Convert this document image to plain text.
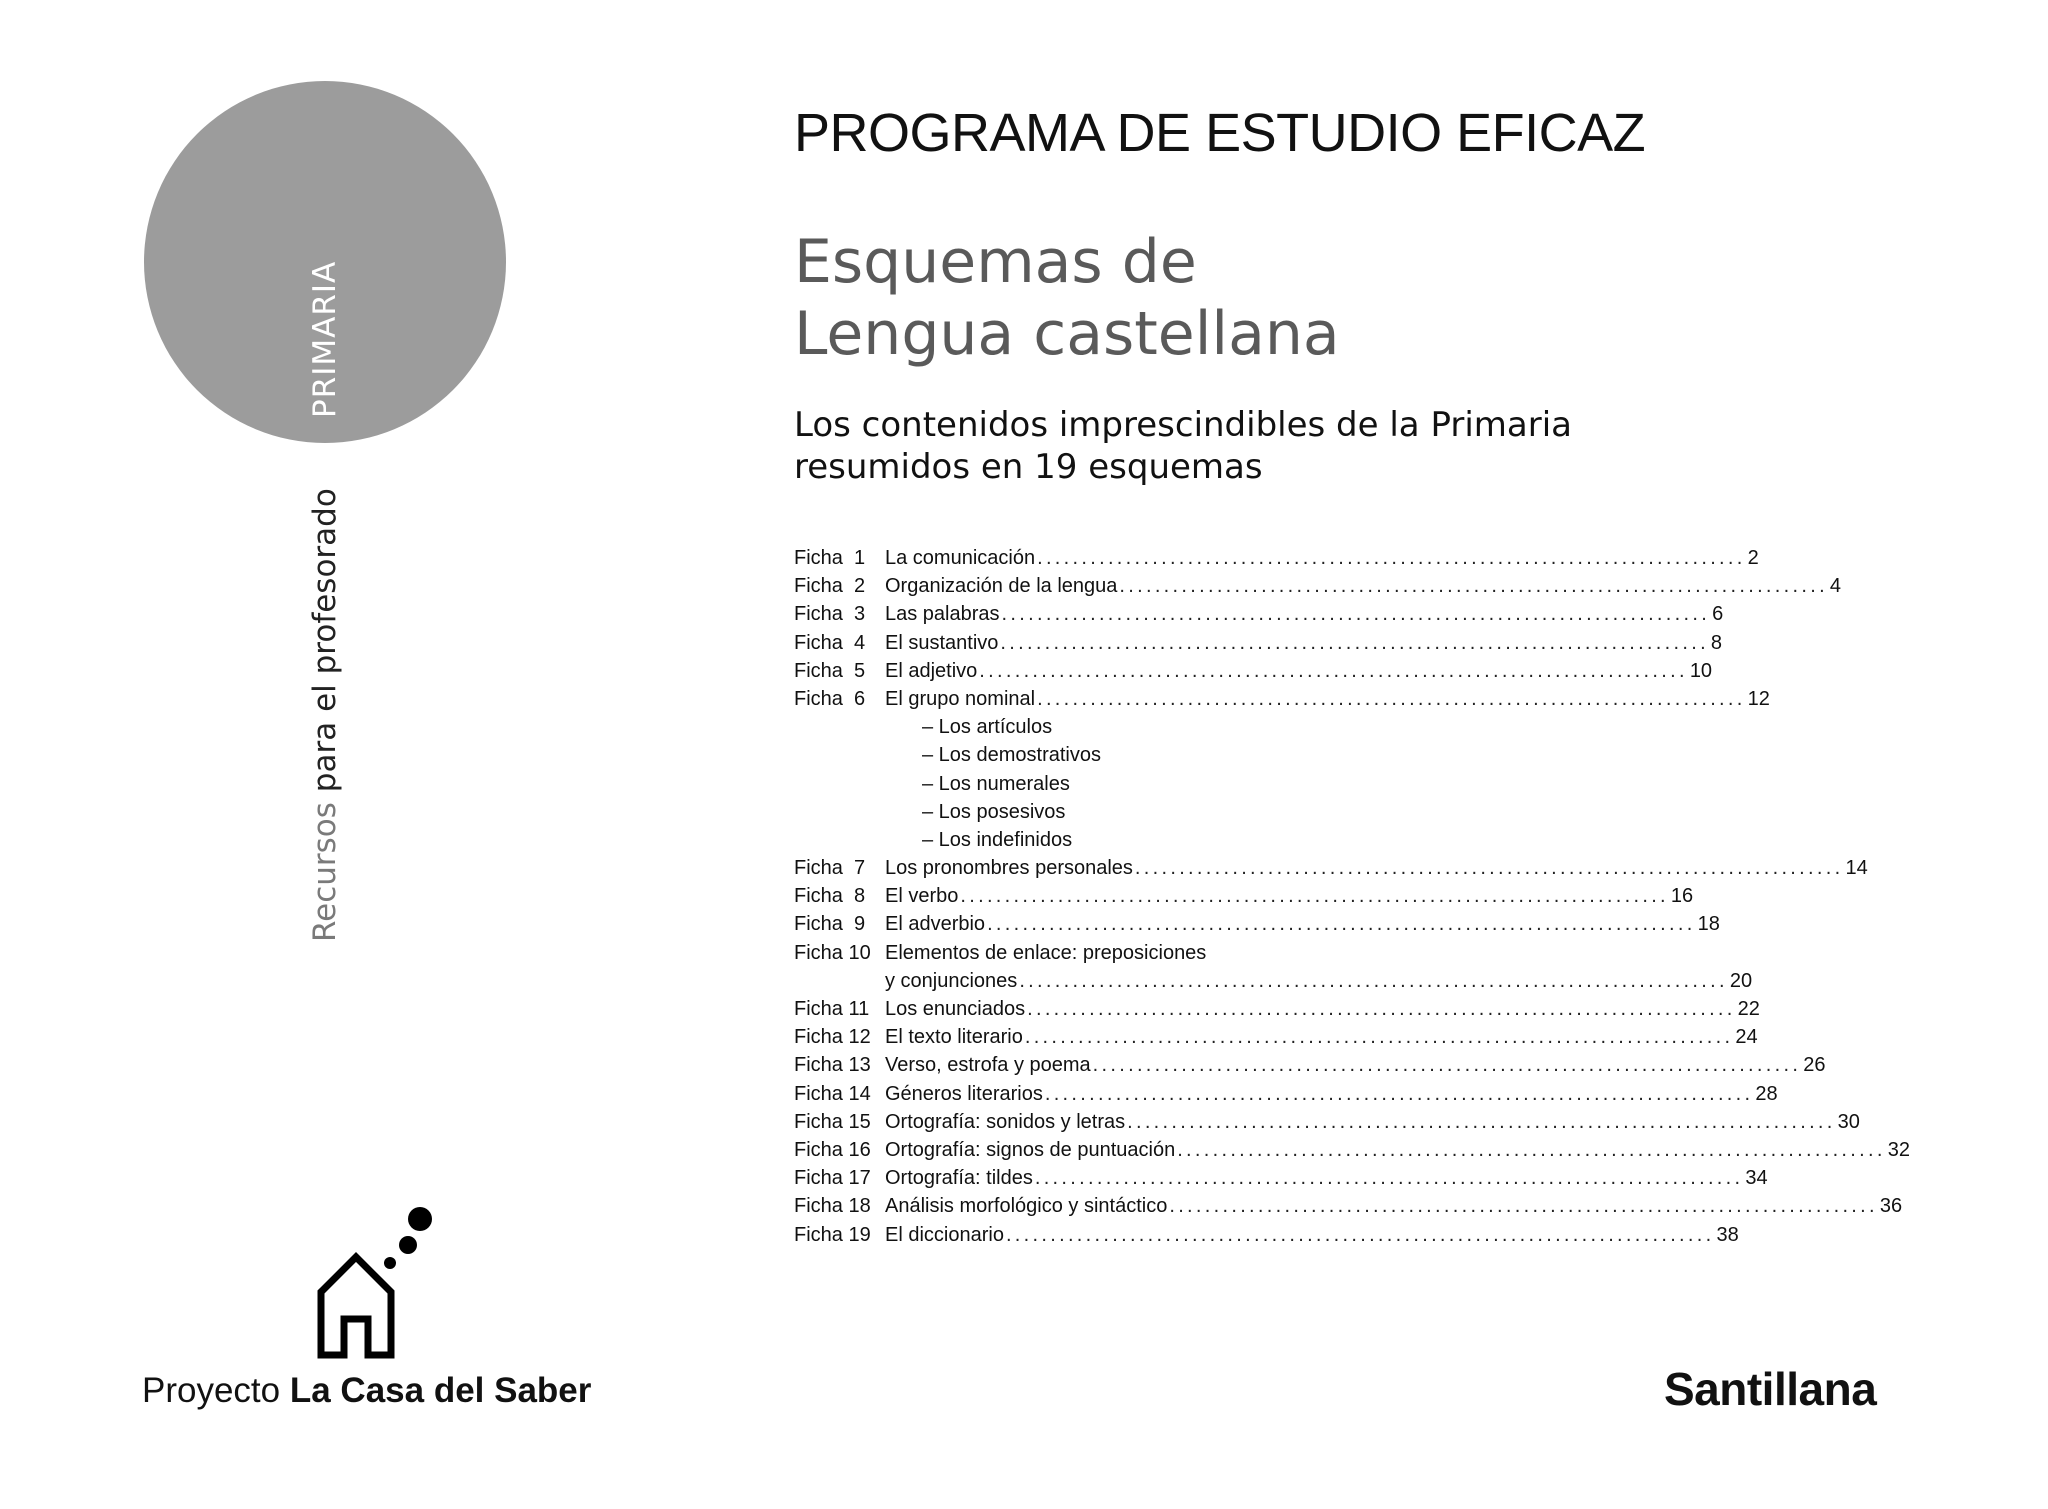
Recursos para el profesorado
Proyecto La Casa del Saber
PROGRAMA DE ESTUDIO EFICAZ
Esquemas de
Lengua castellana
Los contenidos imprescindibles de la Primaria
resumidos en 19 esquemas
Ficha  1 La comunicación ................................................................................ 2
Ficha  2 Organización de la lengua ................................................................................ 4
Ficha  3 Las palabras ................................................................................ 6
Ficha  4 El sustantivo ................................................................................ 8
Ficha  5 El adjetivo ................................................................................ 10
Ficha  6 El grupo nominal ................................................................................ 12
– Los artículos
– Los demostrativos
– Los numerales
– Los posesivos
– Los indefinidos
Ficha  7 Los pronombres personales ................................................................................ 14
Ficha  8 El verbo ................................................................................ 16
Ficha  9 El adverbio ................................................................................ 18
Ficha 10 Elementos de enlace: preposiciones
y conjunciones ................................................................................ 20
Ficha 11 Los enunciados ................................................................................ 22
Ficha 12 El texto literario ................................................................................ 24
Ficha 13 Verso, estrofa y poema ................................................................................ 26
Ficha 14 Géneros literarios ................................................................................ 28
Ficha 15 Ortografía: sonidos y letras ................................................................................ 30
Ficha 16 Ortografía: signos de puntuación ................................................................................ 32
Ficha 17 Ortografía: tildes ................................................................................ 34
Ficha 18 Análisis morfológico y sintáctico ................................................................................ 36
Ficha 19 El diccionario ................................................................................ 38
Santillana
